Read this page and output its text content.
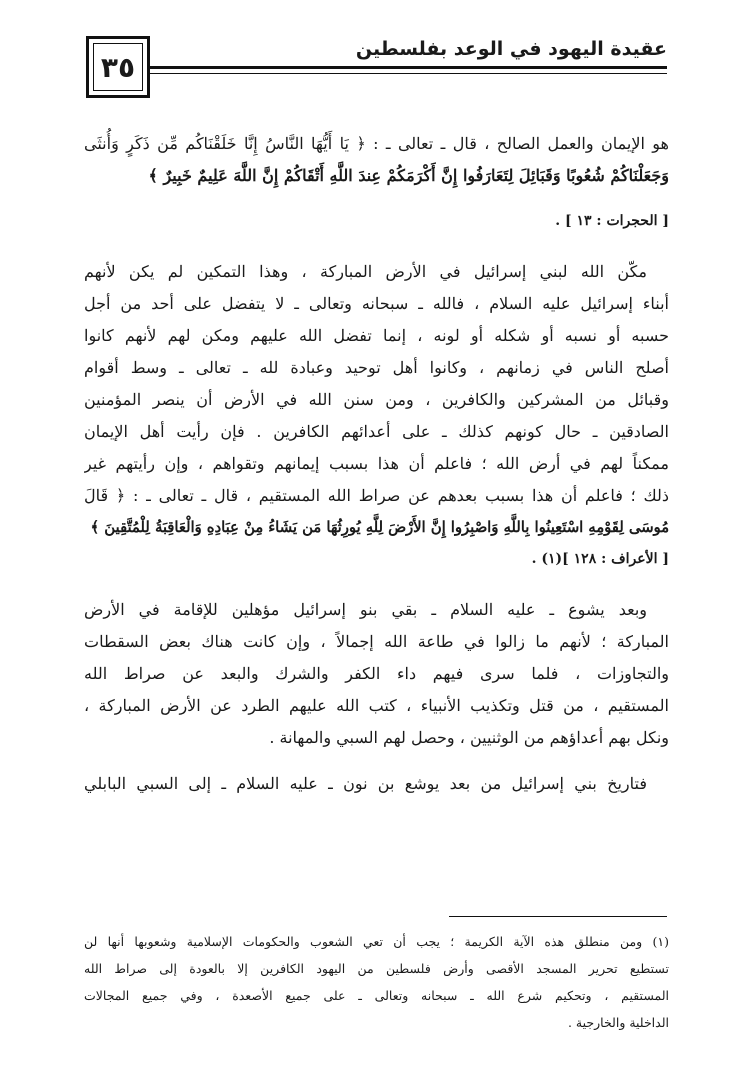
٣٥
عقيدة اليهود في الوعد بفلسطين
هو الإيمان والعمل الصالح ، قال ـ تعالى ـ : ﴿ يَا أَيُّهَا النَّاسُ إِنَّا خَلَقْنَاكُم مِّن ذَكَرٍ وَأُنثَى
وَجَعَلْنَاكُمْ شُعُوبًا وَقَبَائِلَ لِتَعَارَفُوا إِنَّ أَكْرَمَكُمْ عِندَ اللَّهِ أَتْقَاكُمْ إِنَّ اللَّهَ عَلِيمٌ خَبِيرٌ ﴾
[ الحجرات : ١٣ ] .
مكّن الله لبني إسرائيل في الأرض المباركة ، وهذا التمكين لم يكن لأنهم
أبناء إسرائيل عليه السلام ، فالله ـ سبحانه وتعالى ـ لا يتفضل على أحد من أجل
حسبه أو نسبه أو شكله أو لونه ، إنما تفضل الله عليهم ومكن لهم لأنهم كانوا
أصلح الناس في زمانهم ، وكانوا أهل توحيد وعبادة لله ـ تعالى ـ وسط أقوام
وقبائل من المشركين والكافرين ، ومن سنن الله في الأرض أن ينصر المؤمنين
الصادقين ـ حال كونهم كذلك ـ على أعدائهم الكافرين . فإن رأيت أهل الإيمان
ممكناً لهم في أرض الله ؛ فاعلم أن هذا بسبب إيمانهم وتقواهم ، وإن رأيتهم غير
ذلك ؛ فاعلم أن هذا بسبب بعدهم عن صراط الله المستقيم ، قال ـ تعالى ـ : ﴿ قَالَ
مُوسَى لِقَوْمِهِ اسْتَعِينُوا بِاللَّهِ وَاصْبِرُوا إِنَّ الأَرْضَ لِلَّهِ يُورِثُهَا مَن يَشَاءُ مِنْ عِبَادِهِ وَالْعَاقِبَةُ لِلْمُتَّقِينَ ﴾
[ الأعراف : ١٢٨ ](١) .
وبعد يشوع ـ عليه السلام ـ بقي بنو إسرائيل مؤهلين للإقامة في الأرض
المباركة ؛ لأنهم ما زالوا في طاعة الله إجمالاً ، وإن كانت هناك بعض السقطات
والتجاوزات ، فلما سرى فيهم داء الكفر والشرك والبعد عن صراط الله
المستقيم ، من قتل وتكذيب الأنبياء ، كتب الله عليهم الطرد عن الأرض المباركة ،
ونكل بهم أعداؤهم من الوثنيين ، وحصل لهم السبي والمهانة .
فتاريخ بني إسرائيل من بعد يوشع بن نون ـ عليه السلام ـ إلى السبي البابلي
(١) ومن منطلق هذه الآية الكريمة ؛ يجب أن تعي الشعوب والحكومات الإسلامية وشعوبها أنها لن
تستطيع تحرير المسجد الأقصى وأرض فلسطين من اليهود الكافرين إلا بالعودة إلى صراط الله
المستقيم ، وتحكيم شرع الله ـ سبحانه وتعالى ـ على جميع الأصعدة ، وفي جميع المجالات
الداخلية والخارجية .
